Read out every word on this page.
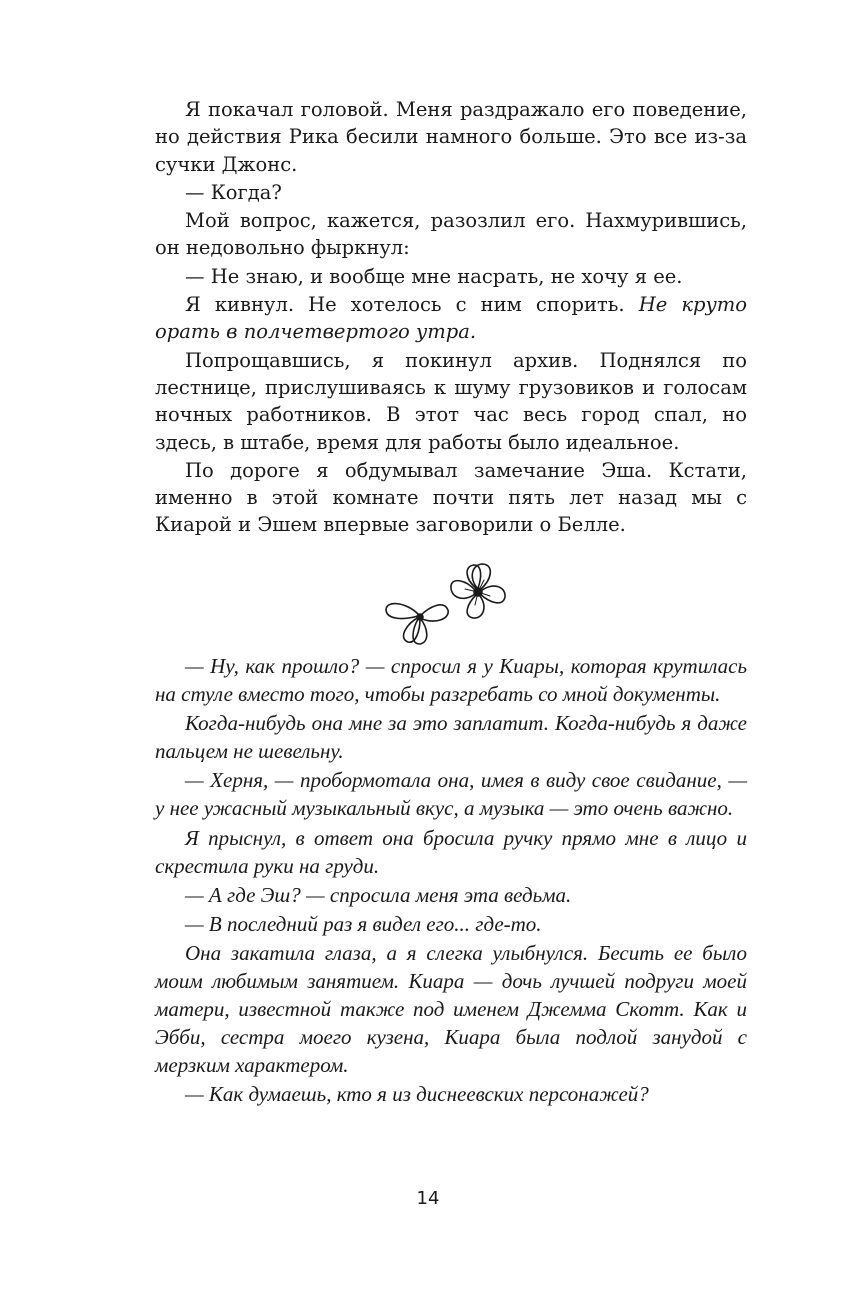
Я покачал головой. Меня раздражало его поведение, но действия Рика бесили намного больше. Это все из-за сучки Джонс.

— Когда?

Мой вопрос, кажется, разозлил его. Нахмурившись, он недовольно фыркнул:

— Не знаю, и вообще мне насрать, не хочу я ее.

Я кивнул. Не хотелось с ним спорить. Не круто орать в полчетвертого утра.

Попрощавшись, я покинул архив. Поднялся по лестнице, прислушиваясь к шуму грузовиков и голосам ночных работников. В этот час весь город спал, но здесь, в штабе, время для работы было идеальное.

По дороге я обдумывал замечание Эша. Кстати, именно в этой комнате почти пять лет назад мы с Киарой и Эшем впервые заговорили о Белле.

— Ну, как прошло? — спросил я у Киары, которая крутилась на стуле вместо того, чтобы разгребать со мной документы.

Когда-нибудь она мне за это заплатит. Когда-нибудь я даже пальцем не шевельну.

— Херня, — пробормотала она, имея в виду свое свидание, — у нее ужасный музыкальный вкус, а музыка — это очень важно.

Я прыснул, в ответ она бросила ручку прямо мне в лицо и скрестила руки на груди.

— А где Эш? — спросила меня эта ведьма.

— В последний раз я видел его... где-то.

Она закатила глаза, а я слегка улыбнулся. Бесить ее было моим любимым занятием. Киара — дочь лучшей подруги моей матери, известной также под именем Джемма Скотт. Как и Эбби, сестра моего кузена, Киара была подлой занудой с мерзким характером.

— Как думаешь, кто я из диснеевских персонажей?

14
